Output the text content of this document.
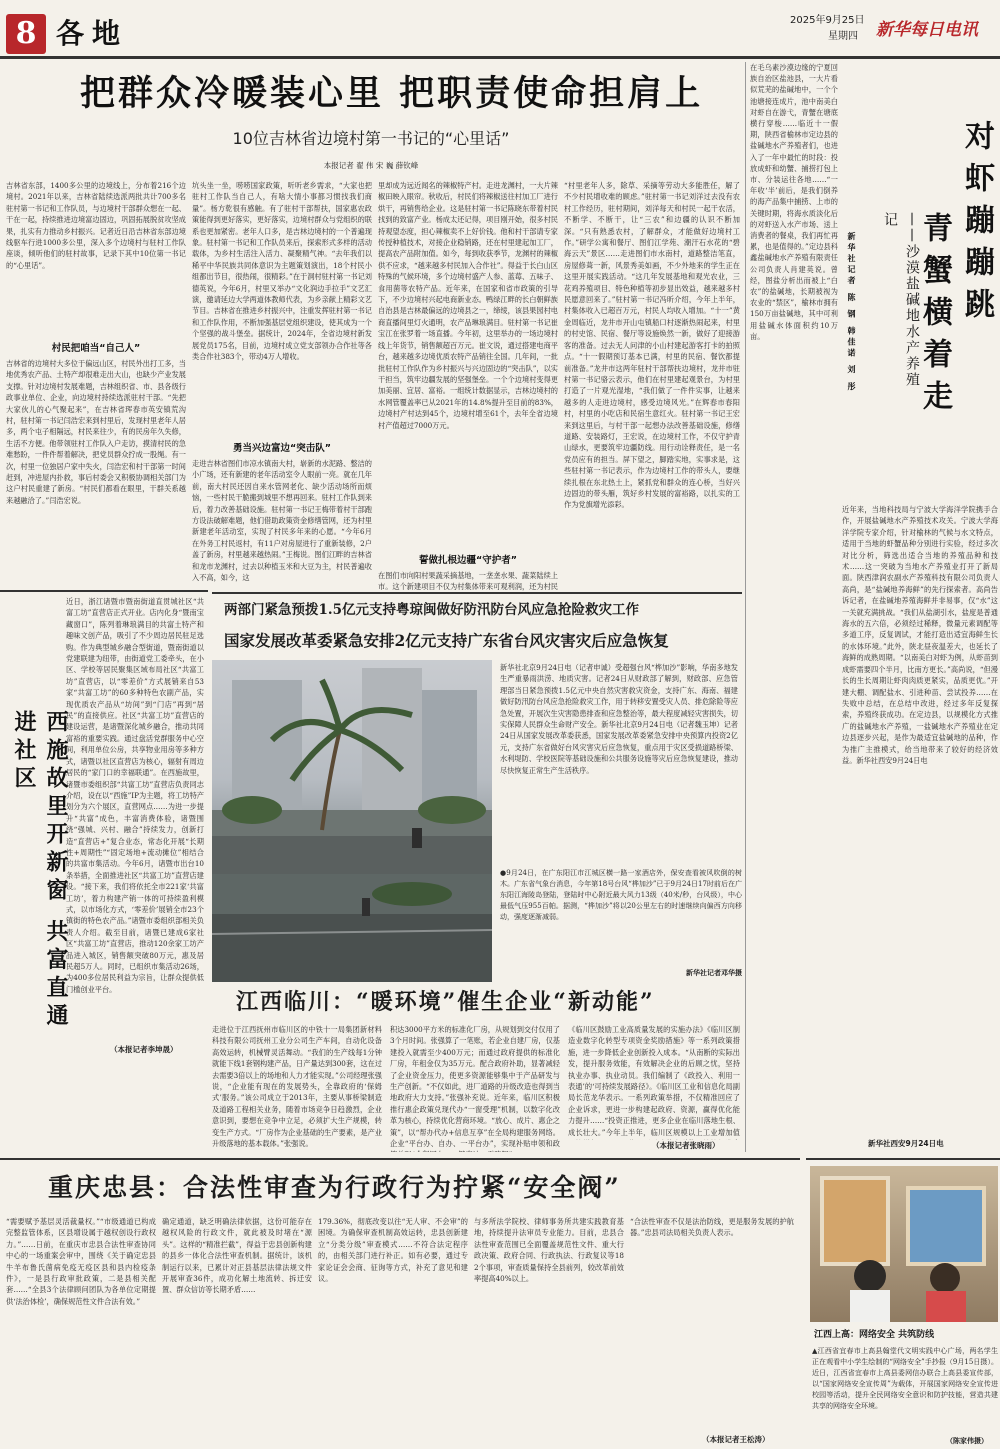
8 各地	2025年9月25日
星期四 新华每日电讯
把群众冷暖装心里 把职责使命担肩上
10位吉林省边境村第一书记的“心里话”
本报记者 翟 伟 宋 巍 薛钦峰
吉林省东部，1400多公里的边境线上，分布着216个边境村。2021年以来，吉林省陆续选派两批共计700多名驻村第一书记和工作队员，与边境村干部群众想在一起、干在一起，持续推进边境富边固边，巩固拓展脱贫攻坚成果，扎实有力推动乡村振兴。记者近日沿吉林省东部边境线驱车行进1000多公里，深入多个边境村与驻村工作队座谈，倾听他们的驻村故事，记录下其中10位第一书记的“心里话”。
村民把咱当“自己人”
吉林省的边境村大多位于偏远山区，村民外出打工多，当地优秀农产品、土特产却很难走出大山，也缺少产业发展支撑。针对边境村发展难题，吉林组织省、市、县各级行政事业单位、企业，向边境村持续选派驻村干部。“先把大家伙儿的心气聚起来”，在吉林省珲春市英安镇荒沟村，驻村第一书记闫浩宏来到村里后，发现村里老年人居多，两个屯子相隔远，村民来往少，有的民房年久失修，生活不方便。他带领驻村工作队入户走访，摸清村民的急难愁盼，一件件帮着解决，把党员群众拧成一股绳。有一次，村里一位独居户家中失火，闫浩宏和村干部第一时间赶到，冲进屋内扑救，事后村委会又积极协调相关部门为这户村民重建了新房。“村民们都看在眼里，干群关系越来越融洽了。”闫浩宏说。
坑头坐一坐，唠唠国家政策，听听老乡需求，“大家也把驻村工作队当自己人，有啥大情小事都习惯找我们商量”。杨方乾很有感触。有了驻村干部帮扶，国家惠农政策能得到更好落实，更好落实，边境村群众与党组织的联系也更加紧密。老年人口多，是吉林边境村的一个普遍现象。驻村第一书记和工作队员来后，探索形式多样的活动载体，为乡村生活注入活力、凝聚精气神。“去年我们以稀平中华民族共同体意识为主题策划演出，18个村民小组都出节目，很热闹，很精彩。”在于洞村驻村第一书记刘德英说，今年6月，村里又举办“文化润边手拉手”文艺汇演，邀请延边大学两道体教师代表，为乡亲献上精彩文艺节目。吉林省在推进乡村振兴中，注重发挥驻村第一书记和工作队作用，不断加强基层党组织建设，使其成为一个个坚强的战斗堡垒。据统计，2024年，全省边境村新发展党员175名，目前，边境村成立党支部领办合作社等各类合作社383个，带动4万人增收。
勇当兴边富边“突击队”
走进吉林省图们市凉水镇南大村，崭新的水泥路、整洁的小广场，还有新建的老年活动室令人眼前一亮。就在几年前，南大村民还因自来水管网老化、缺少活动场所而烦恼，一些村民干脆搬到城里不想再回来。驻村工作队到来后，着力改善基础设施。驻村第一书记王梅带着村干部跑方设法破解难题，他们借助政策资金修缮管网，还为村里新建老年活动室，实现了村民多年来的心愿。“今年6月在外务工村民返村，有11户对房屋进行了重新装修，2户盖了新房，村里越来越热闹。”王梅说。图们江畔的吉林省和龙市龙渊村，过去以种植玉米和大豆为主，村民普遍收入不高，如今，这
里却成为远近闻名的辣椒特产村。走进龙渊村，一大片辣椒田映入眼帘。秋收后，村民们将辣椒送往村加工厂进行烘干，再销售给企业。这是驻村第一书记陈晓东带着村民找到的致富产业。杨成太还记得，项目刚开始，很多村民持观望态度，担心辣椒卖不上好价钱。他和村干部请专家传授种植技术，对接企业稳销路，还在村里建起加工厂，提高农产品附加值。如今，每到收获季节，龙渊村的辣椒供不应求，“越来越多村民加入合作社”。得益于长白山区特殊的气候环境，多个边境村盛产人参、蓝莓、五味子、食用菌等农特产品。近年来，在国家和省市政策的引导下，不少边境村兴起电商新业态。鸭绿江畔的长白朝鲜族自治县是吉林最偏远的边境县之一，缔绫，该县果园村电商直播间里灯火通明，农产品琳琅满目。驻村第一书记崔宝江在张罗着一场直播。今年初，这里举办的一场边境村线上年货节，销售额超百万元。崔文说，通过搭建电商平台，越来越多边境优质农特产品销往全国。几年间，一批批驻村工作队作为乡村振兴与兴边固边的“突击队”，以实干担当，筑牢边疆发展的坚强堡垒。一个个边境村变得更加美丽、宜居、富裕。一组统计数据显示，吉林边境村的水网管覆盖率已从2021年的14.8%提升至目前的83%，边境村产村达到45个，边境村增至61个，去年全省边境村产值超过7000万元。
誓做扎根边疆“守护者”
在图们市向阳村果蔬采摘基地，一垄垄水果、蔬菜陆续上市。这个新建项目不仅为村集体带来可观利润，还为村民
“村里老年人多，除草、采摘等劳动大多能胜任，解了不少村民增收难的顾虑。”驻村第一书记刘洋过去没有农村工作经历，驻村期间，刘洋每天和村民一起干农活，不断学、不断干，让“三农”和边疆的认识不断加深。“只有熟悉农村，了解群众，才能做好边境村工作。”研学公寓和餐厅、图们江学苑、潮汗石水花的“碧海云天”景区……走进图们市水南村，道路整洁笔直，房屋修葺一新，风景秀美如画，不少外地来的学生正在这里开展实践活动。“这几年发展基地和观光农业，三花鸡养殖项目、特色种植等初步显出效益，越来越多村民愿意回来了。”驻村第一书记冯昕介绍，今年上半年，村集体收入已超百万元，村民人均收入增加。“十一”黄金周临近，龙井市开山屯镇船口村逐渐热闹起来，村里的村史馆、民宿、餐厅等设施焕然一新，做好了迎接游客的准备。过去无人问津的小山村建起游客打卡的拍照点。“十一假期预订基本已满，村里的民宿、餐饮都提前准备。”龙井市这两年驻村干部帮扶边境村，龙井市驻村第一书记骆云表示，他们在村里建起观景台，为村里打造了一片观光湿地，“我们做了一件件实事，让越来越多的人走进边境村，感受边境风光。”在辉春市春阳村，村里的小吃店和民宿生意红火。驻村第一书记王宏来到这里后，与村干部一起想办法改善基础设施，修缮道路、安装路灯，王宏说，在边境村工作，不仅守护青山绿水，更要筑牢边疆防线。用行动诠释责任，是一名党员应有的担当。屏下望之，脚踏实地，实事求是，这些驻村第一书记表示，作为边境村工作的带头人，要继续扎根在东北热土上，紧抓党和群众的连心桥，当好兴边固边的带头雁，筑好乡村发展的富裕路，以扎实的工作为党旗增光添彩。
在毛乌素沙漠边缘的宁夏回族自治区盐池县，一大片看似荒芜的盐碱地中，一个个池塘接连成片，池中南美白对虾自在游弋，青蟹在塘底横行穿梭……临近十一假期，陕西省榆林市定边县的盐碱地水产养殖者们，也进入了一年中最忙的时段：投放成虾和幼蟹、捕捞打包上市、分装运往各地……“一年收‘半’前后，是我们倒养的海产品集中捕捞、上市的关键时期，将海水质淡化后的对虾送入水产市场、送上消费者的餐桌，我们再忙再累，也是值得的。”定边县科鑫盐碱地水产养殖有限责任公司负责人肖建英说。曾经，图盐分析出而被上“白农”的盐碱地，长期被视为农业的“禁区”，榆林市拥有150万亩盐碱地，其中可利用盐碱水体面积约10万亩。	新华社记者 陈 钢 韩佳诺 刘 彤	——沙漠盐碱地水产养殖记 青蟹横着走 对虾蹦蹦跳
近年来，当地科技局与宁波大学海洋学院携手合作，开展盐碱地水产养殖技术攻关。宁波大学海洋学院专家介绍，针对榆林的气候与水文特点，适用于当地的虾蟹品种分别进行实验，经过多次对比分析，筛选出适合当地的养殖品种和技术……这一突破为当地水产养殖业打开了新局面。陕西津润农副水产养殖科技有限公司负责人高尚，是“盐碱地养海鲜”的先行探索者。高尚告诉记者，在盐碱地养殖海鲜并非易事，仅“水”这一关就充满挑战。“我们从盐湖引水，盐度是普通海水的五六倍，必须经过稀释，微量元素调配等多道工序，反复调试，才能打造出适宜海鲜生长的水体环境。”此外，陕北昼夜温差大，也延长了海鲜的成熟周期。“以南美白对虾为例，从虾苗到成虾需要四个半月，比南方更长。”高尚说，“但漫长的生长周期让虾肉肉质更紧实，品质更优。”开建大棚、调配盐水、引进种苗、尝试投养……在失败中总结，在总结中改进，经过多年反复探索，养殖终获成功。在定边县，以规模化方式推广的盐碱地水产养殖，一盐碱地水产养殖业在定边县逐步兴起，是作为最适宜盐碱地的品种，作为推广主推模式，给当地带来了较好的经济效益。新华社西安9月24日电
西施故里开新窗 共富直通进社区
近日，浙江诸暨市暨南街道直贯城社区“共富工坊”直营店正式开业。店内化身“暨南宝藏窗口”，陈列着琳琅满目的共富土特产和趣味文创产品，吸引了不少周边居民驻足选购。作为典型城乡融合型街道，暨南街道以党建联建为纽带，由街道党工委牵头，在小区、学校等居民聚集区域布局社区“共富工坊”直营店，以“零差价”方式展销来自53家“共富工坊”的60多种特色农副产品，实现优质农产品从“坊间”到“门店”再到“居民”的直接供应。社区“共富工坊”直营店的建设运营，是诸暨深化城乡融合，推动共同富裕的重要实践。通过盘活党群服务中心空间，利用单位公房，共享物业用房等多种方式，诸暨以社区直营店为核心，辐射有周边居民的“家门口的幸福联通”。在西施故里，诸暨市委组织部“共富工坊”直营店负责同志介绍，设在以“西施”IP为主题，将工坊特产划分为六个展区，直营网点……为进一步提升“共富”成色，丰富消费体验，诸暨围绕“强城、兴村、融合”持续发力，创新打造“直营店+”复合业态，常态化开展“长期性+周期性”“固定场地+流动摊位”相结合的共富市集活动。今年6月，诸暨市出台10条举措，全面推进社区“共富工坊”直营店建设。“接下来，我们将依托全市221家‘共富工坊’，着力构建产销一体的可持续盈利模式，以市场化方式，‘零差价’展销全市23个镇街的特色农产品。”诸暨市委组织部相关负责人介绍。截至目前，诸暨已建成6家社区“共富工坊”直营店，推动120余家工坊产品进入城区，销售额突破80万元，惠及居民超5万人。同时，已组织市集活动26场，为400多位居民利益为宗旨，让群众提供低门槛创业平台。
（本报记者李坤晟）
两部门紧急预拨1.5亿元支持粤琼闽做好防汛防台风应急抢险救灾工作
国家发展改革委紧急安排2亿元支持广东省台风灾害灾后应急恢复
新华社北京9月24日电（记者申诚）受超强台风“桦加沙”影响，华南多地发生严重暴雨洪涝、地质灾害。记者24日从财政部了解到，财政部、应急管理部当日紧急预拨1.5亿元中央自然灾害救灾资金，支持广东、海南、福建做好防汛防台风应急抢险救灾工作，用于转移安置受灾人员、排危除险等应急处置，开展次生灾害隐患排查和应急整治等，最大程度减轻灾害损失，切实保障人民群众生命财产安全。新华社北京9月24日电（记者魏玉坤）记者24日从国家发展改革委获悉，国家发展改革委紧急安排中央预算内投资2亿元，支持广东省做好台风灾害灾后应急恢复，重点用于灾区受损道路桥梁、水利堤防、学校医院等基础设施和公共服务设施等灾后应急恢复建设，推动尽快恢复正常生产生活秩序。
●9月24日，在广东阳江市江城区横一路一家酒店外，保安查看被风吹倒的树木。广东省气象台消息，今年第18号台风“桦加沙”已于9月24日17时前后在广东阳江海陵岛登陆，登陆时中心附近最大风力13级（40米/秒，台风级），中心最低气压955百帕。据测，“桦加沙”将以20公里左右的时速继续向偏西方向移动，强度逐渐减弱。
新华社记者邓华摄
江西临川：“暖环境”催生企业“新动能”
走进位于江西抚州市临川区的中铁十一局集团新材料科技有限公司抚州工业分公司生产车间，自动化设备高效运转，机械臂灵活舞动。“我们的生产线每1分钟就能下线1套钢构建产品，日产量达到300套，这在过去需要3倍以上的场地和人力才能实现。”公司经理张强说，“企业能有现在的发展势头，全靠政府的‘保姆式’服务。”该公司成立于2013年，主要从事桥梁制造及道路工程相关业务，随着市场竞争日趋激烈，企业意识到，要想在竞争中立足，必须扩大生产规模，转变生产方式。“厂房作为企业基础的生产要素，是产业升级落地的基本载体。”张强说。
积达3000平方米的标准化厂房，从规划到交付仅用了3个月时间。张强算了一笔账，若企业自建厂房，仅基建投入就需至少400万元；而通过政府提供的标准化厂房，年租金仅为35万元。配合政府补助，显著减轻了企业资金压力，使更多资源能够集中于产品研发与生产创新。“不仅如此，进厂道路的升级改造也得到当地政府大力支持。”张强补充说。近年来，临川区积极推行惠企政策兑现代办“一窗受理”机制，以数字化改革为核心，持续优化营商环境。“放心、成片、惠企之策”，以“帮办代办+信息互享”在全局构建服务网络。企业“平台办、自办、一平台办”，实现补贴申领和政
《临川区鼓励工业高质量发展的实施办法》《临川区制造业数字化转型专项资金奖励措施》等一系列政策措施，进一步降低企业创新投入成本。“从南断的实际出发，提升服务效能，有效解决企业的后顾之忧，坚持执业办事、执业动员。我们编制了《政投入、利用一表通’的‘可持续发展路径》。《临川区工业和信息化局副局长范龙华表示。一系列政策举措，不仅精准回应了企业诉求，更进一步构建起政府、资源，赢得优化能力提升……“投资正推进，更多企业在临川落地生根、成长壮大。”今年上半年，临川区规模以上工业增加值
（本报记者张晓雨）	新华社西安9月24日电
重庆忠县：合法性审查为行政行为拧紧“安全阀”
“需要赋予基层灵活裁量权。”“市级通道已构成完整监管体系，区县增设属于越权创设行政权力。”……日前，在重庆市忠县合法性审查协同中心的一场重案会审中，围绕《关于确定忠县牛羊布鲁氏菌病免疫无疫区县和县内检疫条件》，一是县行政审批政策，二是县相关配套……“全县3个法律顾问团队为各单位定期提供‘法治体检’，确保规范性文件合法有效。”
确定通道，缺乏明确法律依据，这份可能存在越权风险的行政文件，就此被及时堵在“源头”。这样的“精准拦截”，得益于忠县创新构建的县乡一体化合法性审查机制。据统计，该机制运行以来，已累计对正县基层法律法规文件开展审查36件，成功化解土地流转、拆迁安置、群众信访等长期矛盾……
179.36%，彻底改变以往“无人审、不会审”的困境。为确保审查机制高效运转，忠县创新建立“分类分级”审查模式……不符合法定程序的，由相关部门进行补正。如有必要，通过专家论证会会商、征询等方式，补充了意见和建议。
与多所法学院校、律师事务所共建实践教育基地，持续提升法审员专业能力。目前，忠县合法性审查范围已全面覆盖规范性文件、重大行政决策、政府合同、行政执法、行政复议等182个事项，审查质量保持全县前列，较改革前效率提高40%以上。
“合法性审查不仅是法治防线，更是服务发展的护航器。”忠县司法局相关负责人表示。
（本报记者王松涛）
江西上高：网络安全 共筑防线
▲江西省宜春市上高县翰堂代文明实践中心广场，两名学生正在观看中小学生绘制的“网络安全”手抄报（9月15日摄）。近日，江西省宜春市上高县委网信办联合上高县委宣传部，以“国家网络安全宣传周”为载体，开展国家网络安全宣传进校园等活动，提升全民网络安全意识和防护技能，营造共建共享的网络安全环境。
（陈家伟摄）
